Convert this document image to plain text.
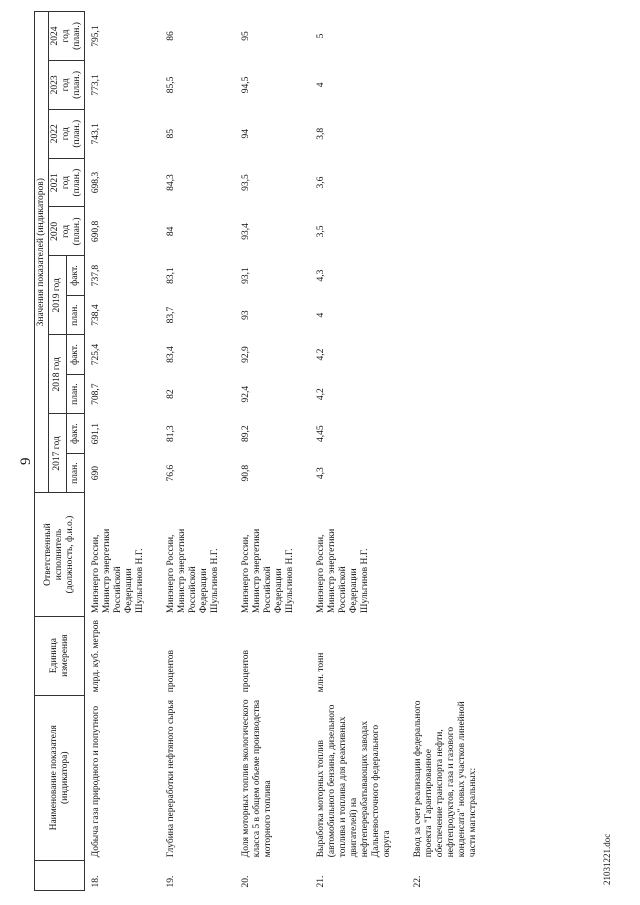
9
	Наименование показателя (индикатора)	Единица измерения	Ответственный исполнитель (должность, ф.и.о.)	Значения показателей (индикаторов)										
				2017 год		2018 год		2019 год		2020 год (план.)	2021 год (план.)	2022 год (план.)	2023 год (план.)	2024 год (план.)

				план.	факт.	план.	факт.	план.	факт.					
18.	Добыча газа природного и попутного	млрд. куб. метров	Минэнерго России, Министр энергетики Российской Федерации Шульгинов Н.Г.	690	691,1	708,7	725,4	738,4	737,8	690,8	698,3	743,1	773,1	795,1
19.	Глубина переработки нефтяного сырья	процентов	Минэнерго России, Министр энергетики Российской Федерации Шульгинов Н.Г.	76,6	81,3	82	83,4	83,7	83,1	84	84,3	85	85,5	86
20.	Доля моторных топлив экологического класса 5 в общем объеме производства моторного топлива	процентов	Минэнерго России, Министр энергетики Российской Федерации Шульгинов Н.Г.	90,8	89,2	92,4	92,9	93	93,1	93,4	93,5	94	94,5	95
21.	Выработка моторных топлив (автомобильного бензина, дизельного топлива и топлива для реактивных двигателей) на нефтеперерабатывающих заводах Дальневосточного федерального округа	млн. тонн	Минэнерго России, Министр энергетики Российской Федерации Шульгинов Н.Г.	4,3	4,45	4,2	4,2	4	4,3	3,5	3,6	3,8	4	5
22.	Ввод за счет реализации федерального проекта "Гарантированное обеспечение транспорта нефти, нефтепродуктов, газа и газового конденсата" новых участков линейной части магистральных:													
21031221.doc
